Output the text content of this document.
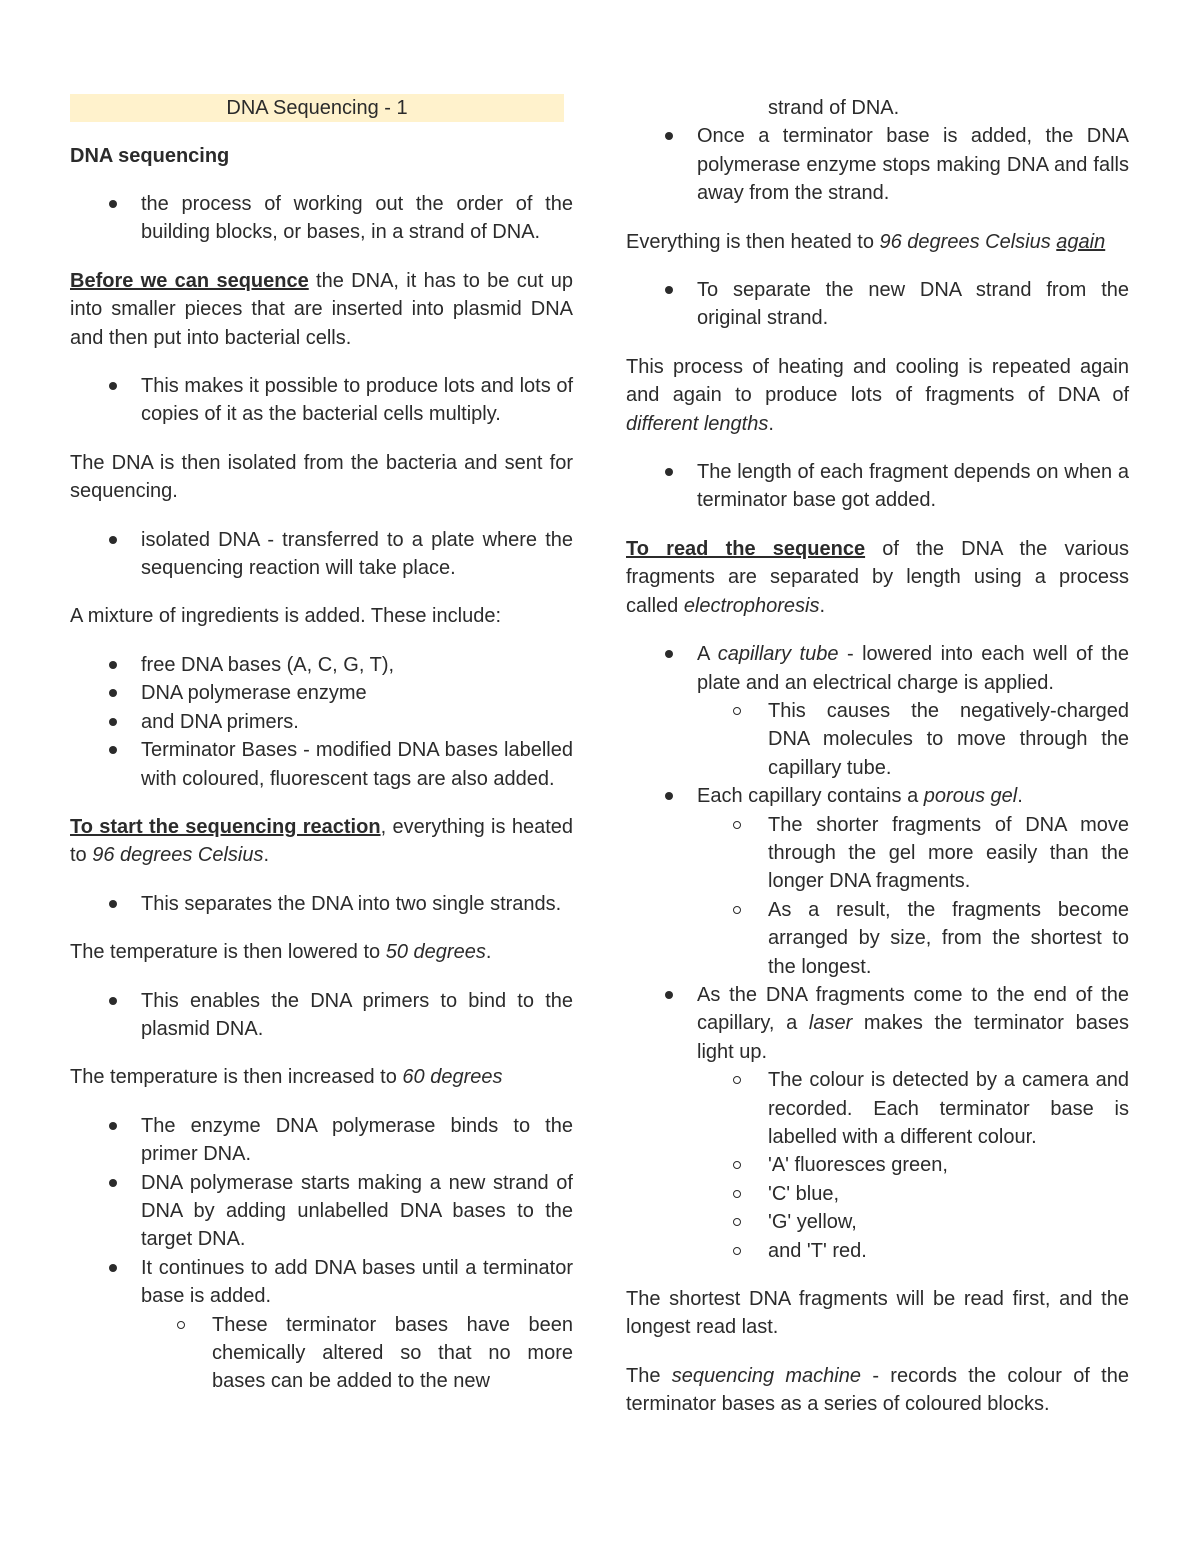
DNA Sequencing - 1
DNA sequencing
the process of working out the order of the building blocks, or bases, in a strand of DNA.

Before we can sequence the DNA, it has to be cut up into smaller pieces that are inserted into plasmid DNA and then put into bacterial cells.

This makes it possible to produce lots and lots of copies of it as the bacterial cells multiply.

The DNA is then isolated from the bacteria and sent for sequencing.

isolated DNA - transferred to a plate where the sequencing reaction will take place.

A mixture of ingredients is added. These include:

free DNA bases (A, C, G, T),
DNA polymerase enzyme
and DNA primers.
Terminator Bases - modified DNA bases labelled with coloured, fluorescent tags are also added.

To start the sequencing reaction, everything is heated to 96 degrees Celsius.

This separates the DNA into two single strands.

The temperature is then lowered to 50 degrees.

This enables the DNA primers to bind to the plasmid DNA.

The temperature is then increased to 60 degrees

The enzyme DNA polymerase binds to the primer DNA.
DNA polymerase starts making a new strand of DNA by adding unlabelled DNA bases to the target DNA.
It continues to add DNA bases until a terminator base is added.
These terminator bases have been chemically altered so that no more bases can be added to the new
strand of DNA.
Once a terminator base is added, the DNA polymerase enzyme stops making DNA and falls away from the strand.

Everything is then heated to 96 degrees Celsius again

To separate the new DNA strand from the original strand.

This process of heating and cooling is repeated again and again to produce lots of fragments of DNA of different lengths.

The length of each fragment depends on when a terminator base got added.

To read the sequence of the DNA the various fragments are separated by length using a process called electrophoresis.

A capillary tube - lowered into each well of the plate and an electrical charge is applied.
This causes the negatively-charged DNA molecules to move through the capillary tube.
Each capillary contains a porous gel.
The shorter fragments of DNA move through the gel more easily than the longer DNA fragments.
As a result, the fragments become arranged by size, from the shortest to the longest.
As the DNA fragments come to the end of the capillary, a laser makes the terminator bases light up.
The colour is detected by a camera and recorded. Each terminator base is labelled with a different colour.
'A' fluoresces green,
'C' blue,
'G' yellow,
and 'T' red.

The shortest DNA fragments will be read first, and the longest read last.

The sequencing machine - records the colour of the terminator bases as a series of coloured blocks.
